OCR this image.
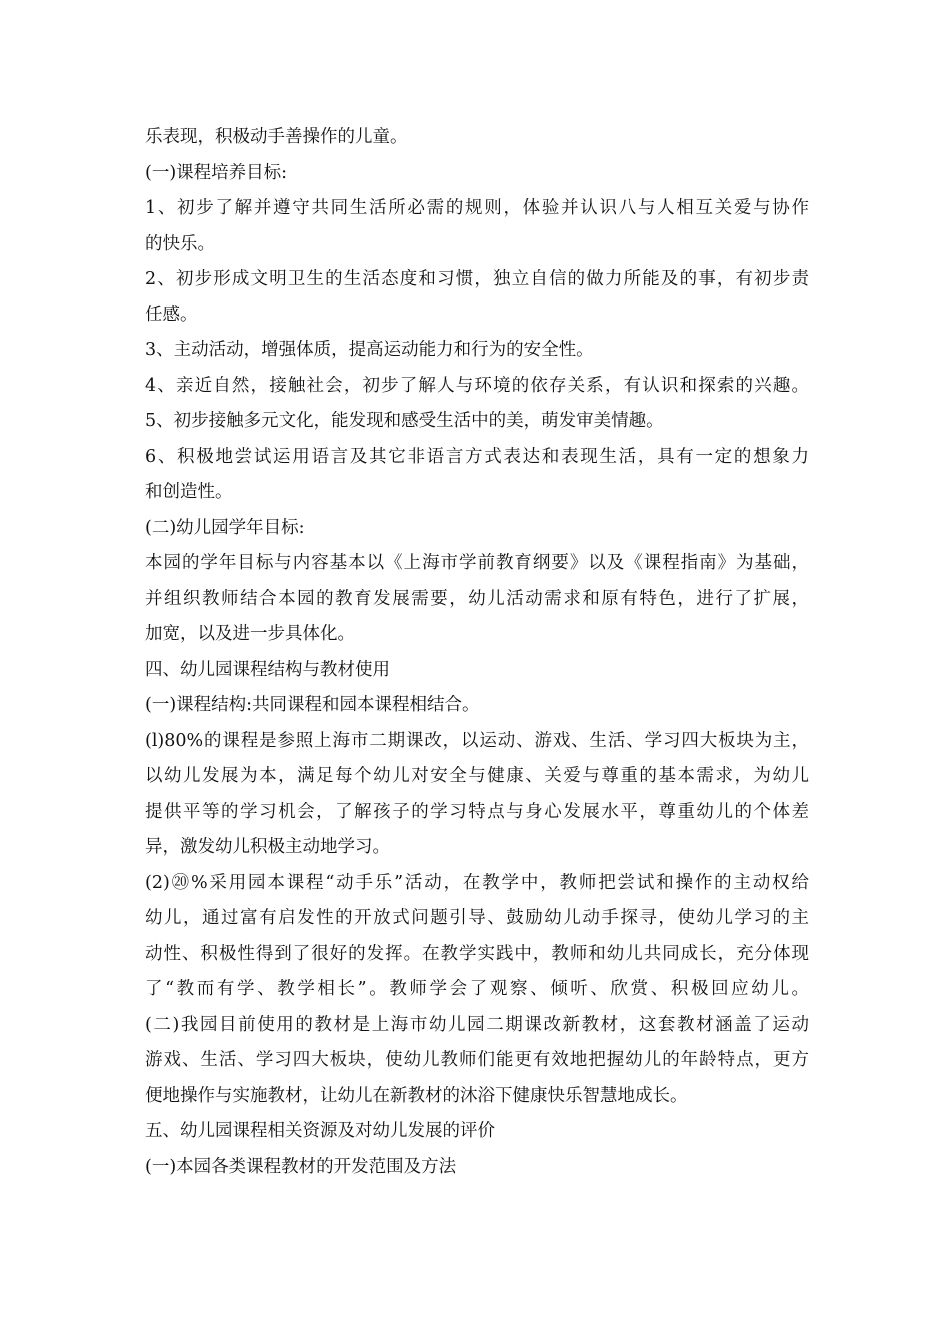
乐表现，积极动手善操作的儿童。
(一)课程培养目标:
1、初步了解并遵守共同生活所必需的规则，体验并认识八与人相互关爱与协作
的快乐。
2、初步形成文明卫生的生活态度和习惯，独立自信的做力所能及的事，有初步责
任感。
3、主动活动，增强体质，提高运动能力和行为的安全性。
4、亲近自然，接触社会，初步了解人与环境的依存关系，有认识和探索的兴趣。
5、初步接触多元文化，能发现和感受生活中的美，萌发审美情趣。
6、积极地尝试运用语言及其它非语言方式表达和表现生活，具有一定的想象力
和创造性。
(二)幼儿园学年目标:
本园的学年目标与内容基本以《上海市学前教育纲要》以及《课程指南》为基础，
并组织教师结合本园的教育发展需要，幼儿活动需求和原有特色，进行了扩展，
加宽，以及进一步具体化。
四、幼儿园课程结构与教材使用
(一)课程结构:共同课程和园本课程相结合。
(l)80%的课程是参照上海市二期课改，以运动、游戏、生活、学习四大板块为主，
以幼儿发展为本，满足每个幼儿对安全与健康、关爱与尊重的基本需求，为幼儿
提供平等的学习机会，了解孩子的学习特点与身心发展水平，尊重幼儿的个体差
异，激发幼儿积极主动地学习。
(2)⑳%采用园本课程“动手乐”活动，在教学中，教师把尝试和操作的主动权给
幼儿，通过富有启发性的开放式问题引导、鼓励幼儿动手探寻，使幼儿学习的主
动性、积极性得到了很好的发挥。在教学实践中，教师和幼儿共同成长，充分体现
了“教而有学、教学相长”。教师学会了观察、倾听、欣赏、积极回应幼儿。
(二)我园目前使用的教材是上海市幼儿园二期课改新教材，这套教材涵盖了运动
游戏、生活、学习四大板块，使幼儿教师们能更有效地把握幼儿的年龄特点，更方
便地操作与实施教材，让幼儿在新教材的沐浴下健康快乐智慧地成长。
五、幼儿园课程相关资源及对幼儿发展的评价
(一)本园各类课程教材的开发范围及方法
